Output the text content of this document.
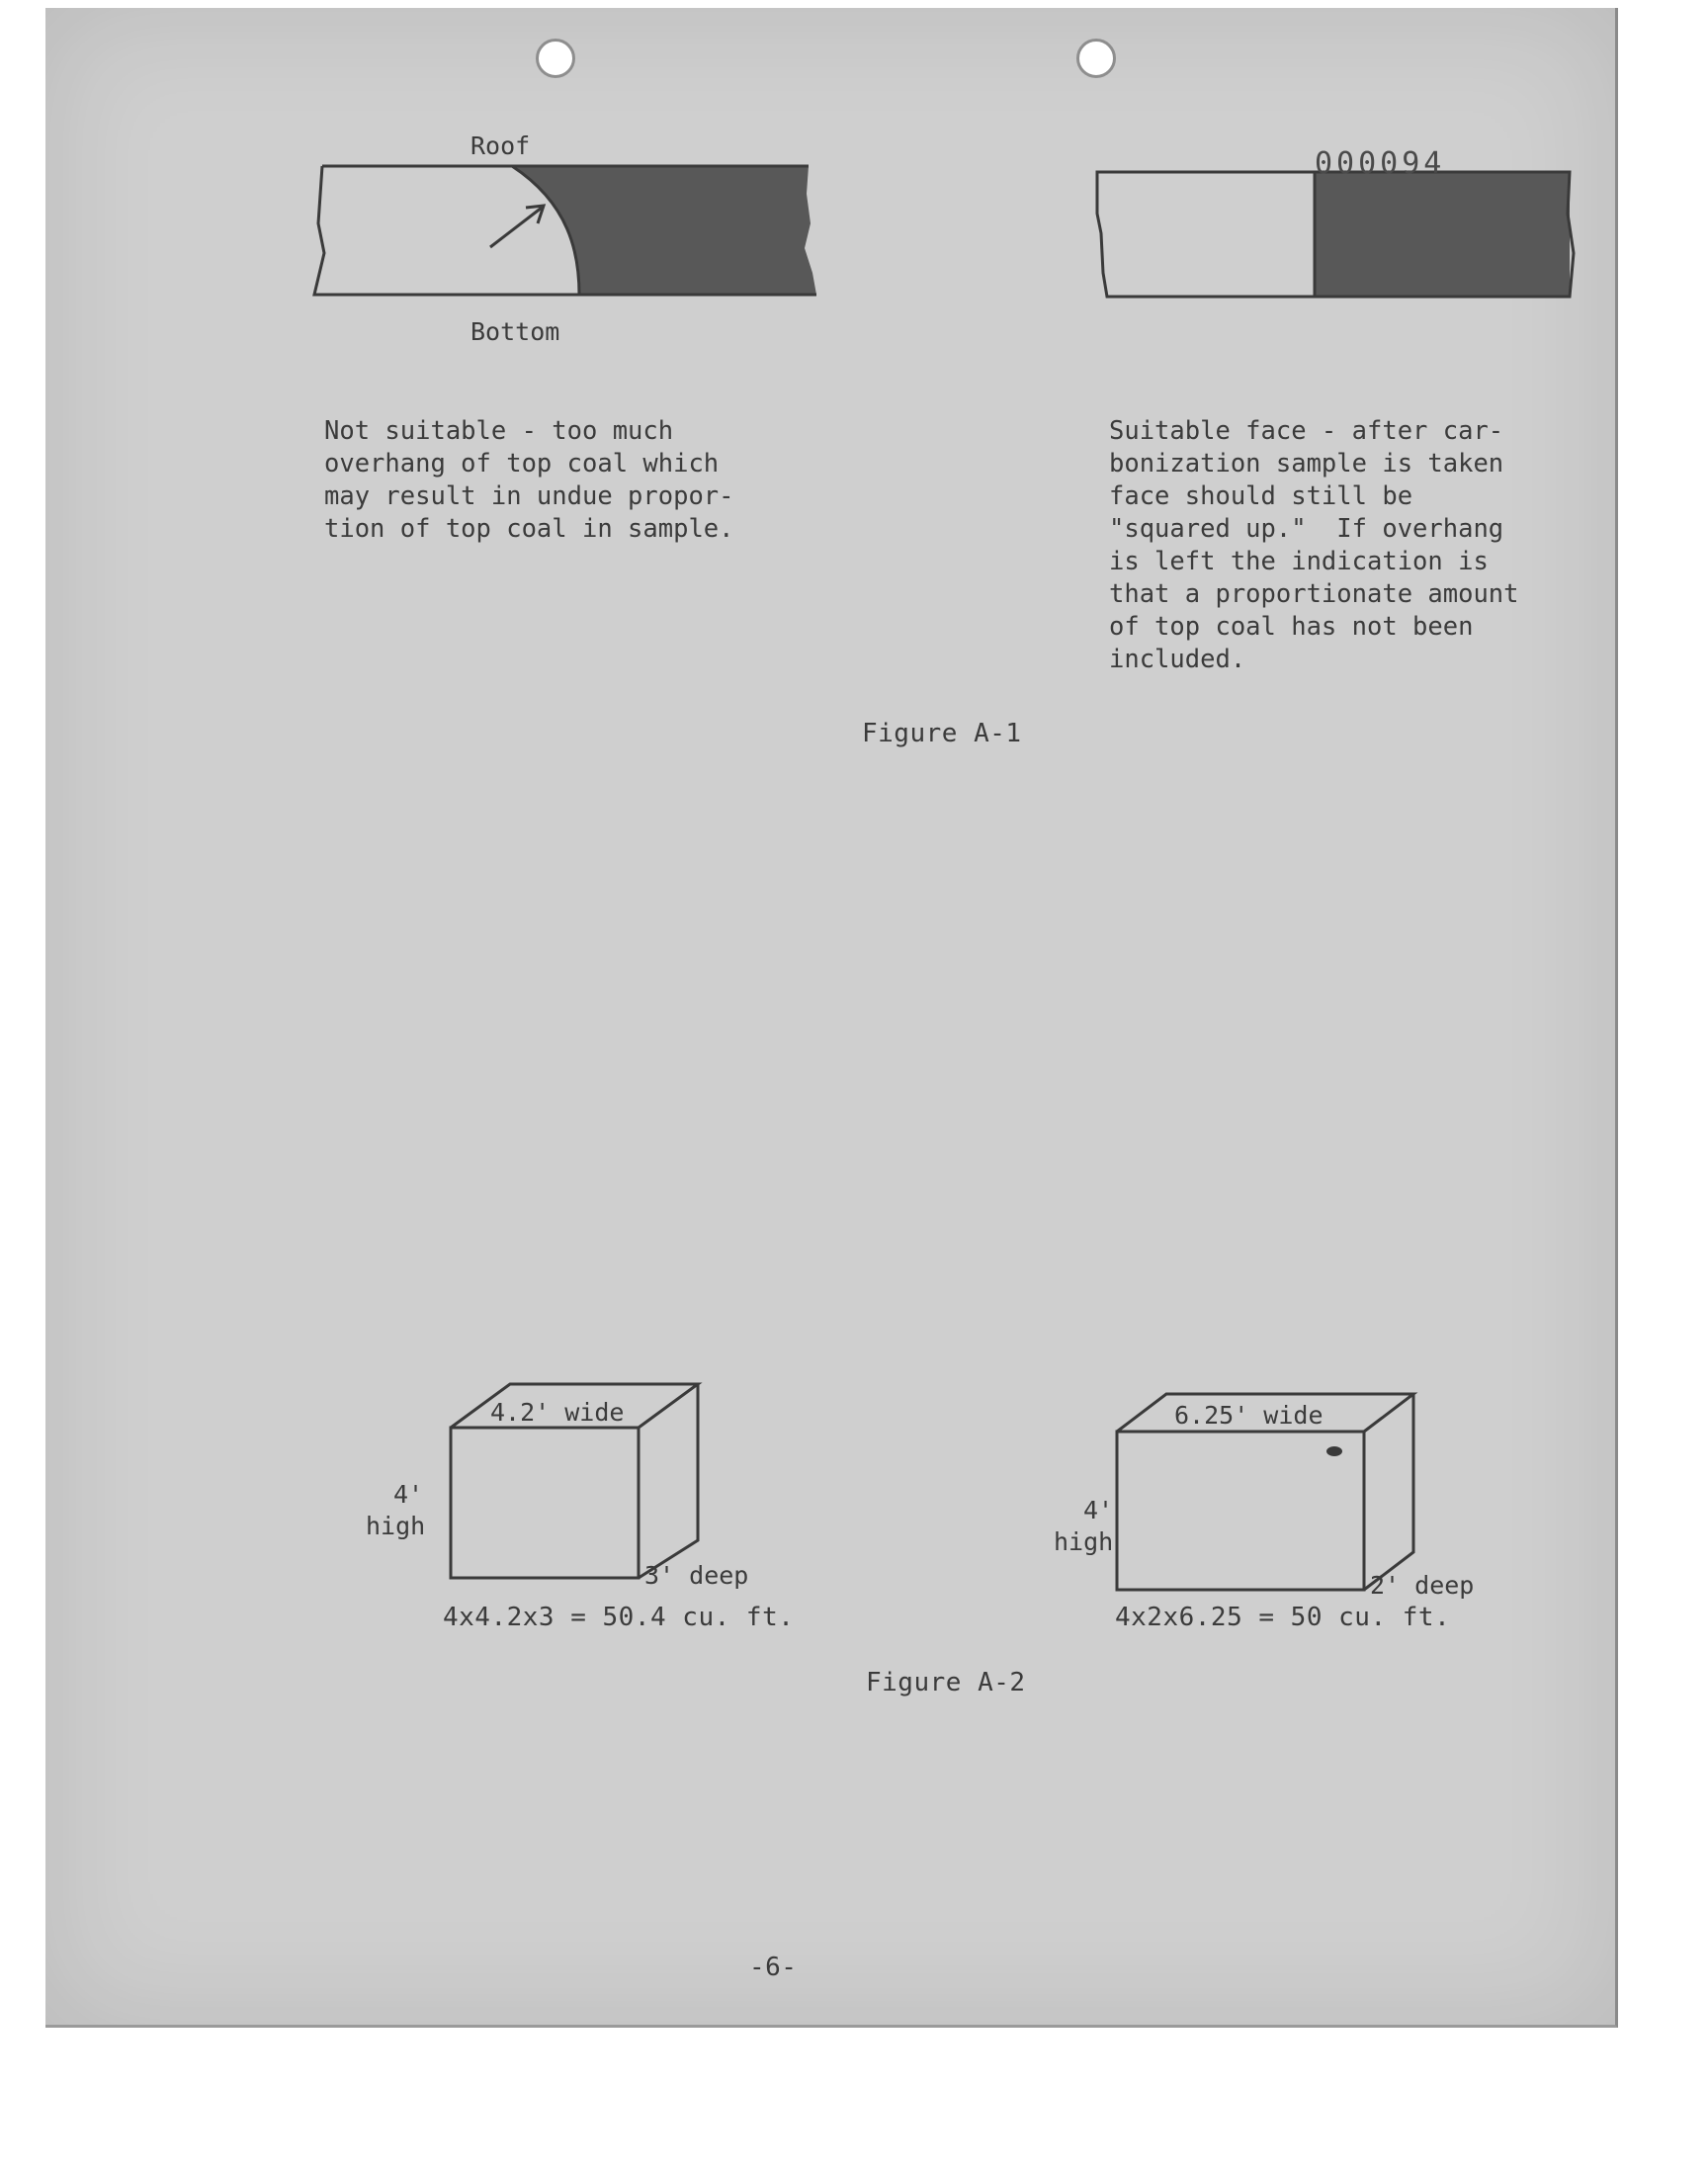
Roof
Bottom
000094
Not suitable - too much
overhang of top coal which
may result in undue propor-
tion of top coal in sample.
Suitable face - after car-
bonization sample is taken
face should still be
"squared up."  If overhang
is left the indication is
that a proportionate amount
of top coal has not been
included.
Figure A-1
4.2' wide
4'
high
3' deep
4x4.2x3 = 50.4 cu. ft.
6.25' wide
4'
high
2' deep
4x2x6.25 = 50 cu. ft.
Figure A-2
-6-
